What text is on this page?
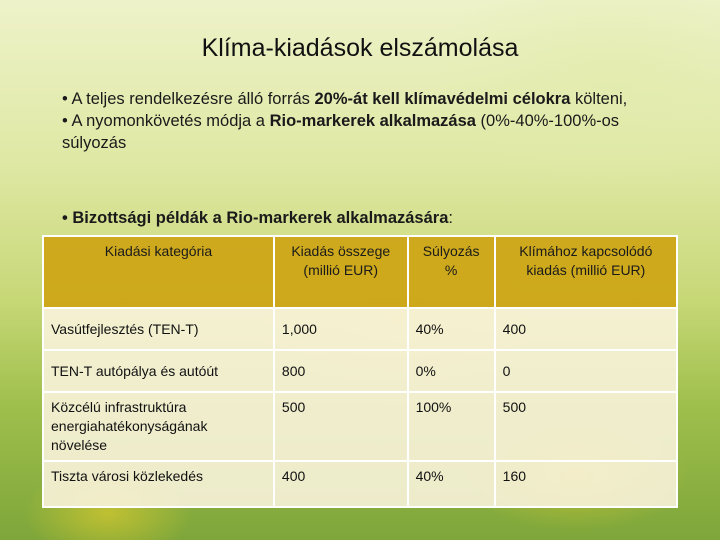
Klíma-kiadások elszámolása

• A teljes rendelkezésre álló forrás 20%-át kell klímavédelmi célokra költeni,

• A nyomonkövetés módja a Rio-markerek alkalmazása (0%-40%-100%-os súlyozás

• Bizottsági példák a Rio-markerek alkalmazására:
Kiadási kategória	Kiadás összege (millió EUR)	Súlyozás %	Klímához kapcsolódó kiadás (millió EUR)
Vasútfejlesztés (TEN-T)	1,000	40%	400
TEN-T autópálya és autóút	800	0%	0
Közcélú infrastruktúra energiahatékonyságának növelése	500	100%	500
Tiszta városi közlekedés	400	40%	160
